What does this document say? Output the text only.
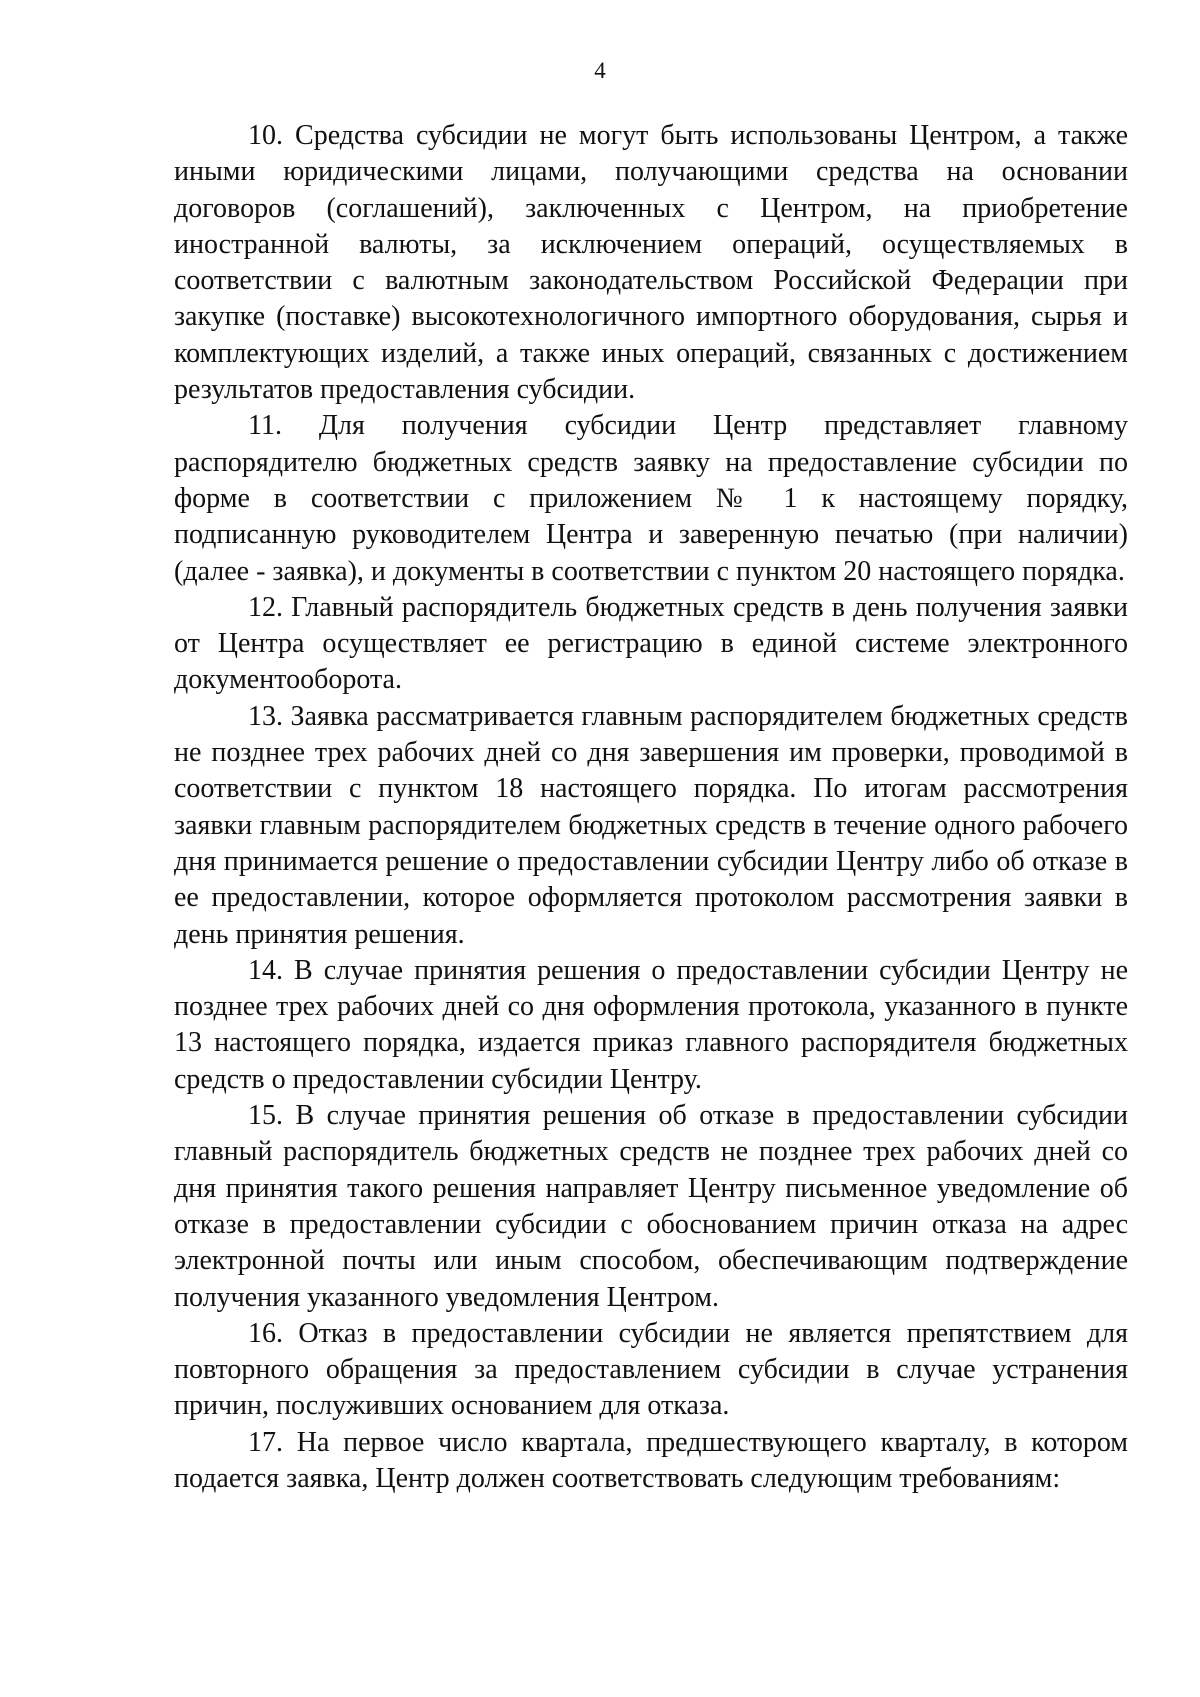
4

10. Средства субсидии не могут быть использованы Центром, а также иными юридическими лицами, получающими средства на основании договоров (соглашений), заключенных с Центром, на приобретение иностранной валюты, за исключением операций, осуществляемых в соответствии с валютным законодательством Российской Федерации при закупке (поставке) высокотехнологичного импортного оборудования, сырья и комплектующих изделий, а также иных операций, связанных с достижением результатов предоставления субсидии.

11. Для получения субсидии Центр представляет главному распорядителю бюджетных средств заявку на предоставление субсидии по форме в соответствии с приложением № 1 к настоящему порядку, подписанную руководителем Центра и заверенную печатью (при наличии) (далее - заявка), и документы в соответствии с пунктом 20 настоящего порядка.

12. Главный распорядитель бюджетных средств в день получения заявки от Центра осуществляет ее регистрацию в единой системе электронного документооборота.

13. Заявка рассматривается главным распорядителем бюджетных средств не позднее трех рабочих дней со дня завершения им проверки, проводимой в соответствии с пунктом 18 настоящего порядка. По итогам рассмотрения заявки главным распорядителем бюджетных средств в течение одного рабочего дня принимается решение о предоставлении субсидии Центру либо об отказе в ее предоставлении, которое оформляется протоколом рассмотрения заявки в день принятия решения.

14. В случае принятия решения о предоставлении субсидии Центру не позднее трех рабочих дней со дня оформления протокола, указанного в пункте 13 настоящего порядка, издается приказ главного распорядителя бюджетных средств о предоставлении субсидии Центру.

15. В случае принятия решения об отказе в предоставлении субсидии главный распорядитель бюджетных средств не позднее трех рабочих дней со дня принятия такого решения направляет Центру письменное уведомление об отказе в предоставлении субсидии с обоснованием причин отказа на адрес электронной почты или иным способом, обеспечивающим подтверждение получения указанного уведомления Центром.

16. Отказ в предоставлении субсидии не является препятствием для повторного обращения за предоставлением субсидии в случае устранения причин, послуживших основанием для отказа.

17. На первое число квартала, предшествующего кварталу, в котором подается заявка, Центр должен соответствовать следующим требованиям:
